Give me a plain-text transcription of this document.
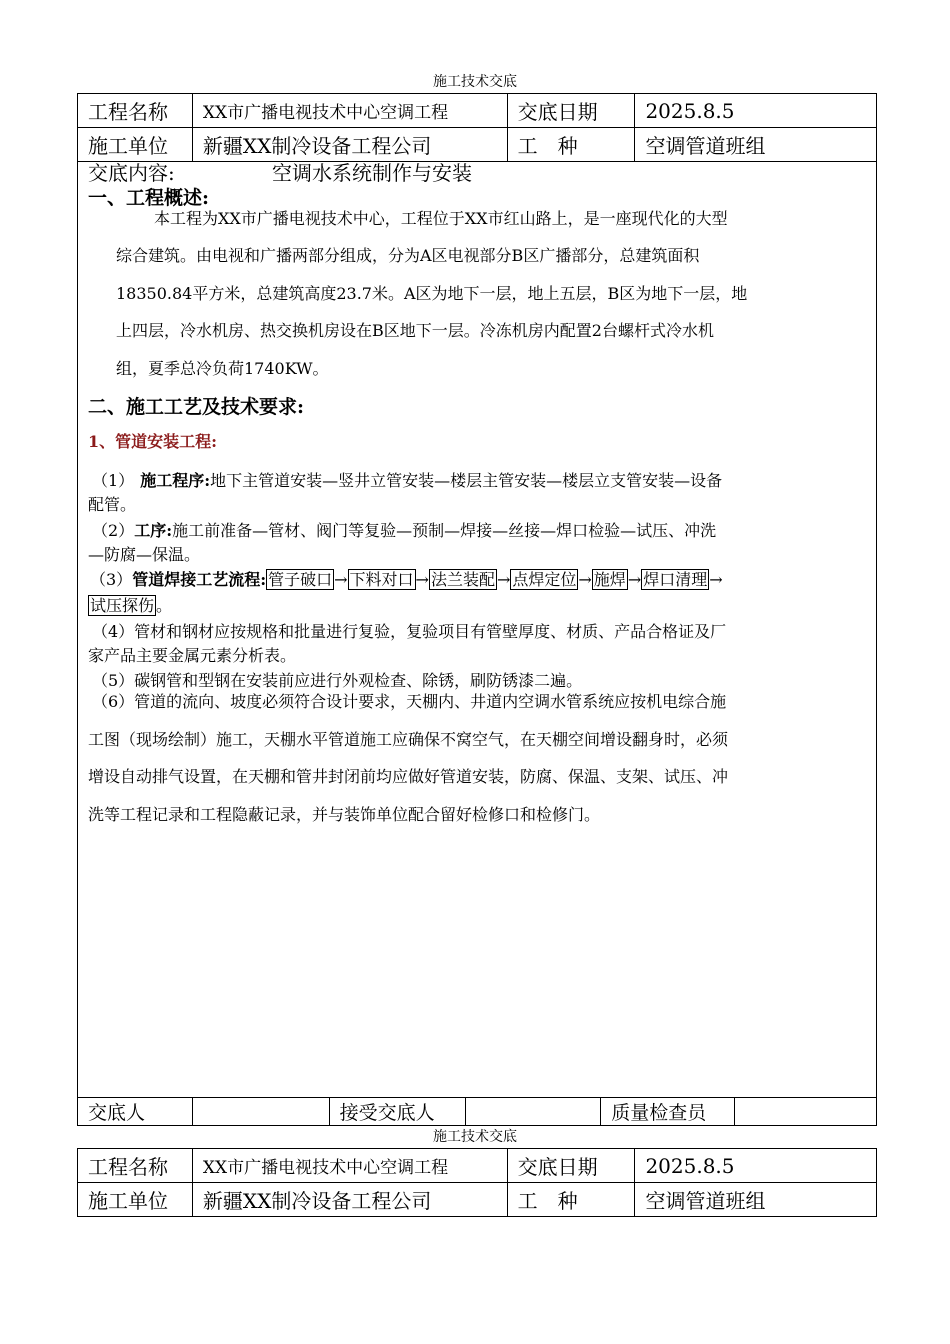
施工技术交底
工程名称	XX市广播电视技术中心空调工程	交底日期	2025.8.5
施工单位	新疆XX制冷设备工程公司	工　种	空调管道班组
交底内容:	空调水系统制作与安装
一、工程概述:
本工程为XX市广播电视技术中心，工程位于XX市红山路上，是一座现代化的大型
综合建筑。由电视和广播两部分组成，分为A区电视部分B区广播部分，总建筑面积
18350.84平方米，总建筑高度23.7米。A区为地下一层，地上五层，B区为地下一层，地
上四层，冷水机房、热交换机房设在B区地下一层。冷冻机房内配置2台螺杆式冷水机
组，夏季总冷负荷1740KW。
二、施工工艺及技术要求:
1、管道安装工程:
（1） 施工程序:地下主管道安装—竖井立管安装—楼层主管安装—楼层立支管安装—设备
配管。
（2）工序:施工前准备—管材、阀门等复验—预制—焊接—丝接—焊口检验—试压、冲洗
—防腐—保温。
（3）管道焊接工艺流程: 管子破口 → 下料对口 → 法兰装配 → 点焊定位 → 施焊 → 焊口清理 →
试压探伤 。
（4）管材和钢材应按规格和批量进行复验，复验项目有管壁厚度、材质、产品合格证及厂
家产品主要金属元素分析表。
（5）碳钢管和型钢在安装前应进行外观检查、除锈，刷防锈漆二遍。
（6）管道的流向、坡度必须符合设计要求，天棚内、井道内空调水管系统应按机电综合施
工图（现场绘制）施工，天棚水平管道施工应确保不窝空气，在天棚空间增设翻身时，必须
增设自动排气设置，在天棚和管井封闭前均应做好管道安装，防腐、保温、支架、试压、冲
洗等工程记录和工程隐蔽记录，并与装饰单位配合留好检修口和检修门。
交底人		接受交底人		质量检查员	
施工技术交底
工程名称	XX市广播电视技术中心空调工程	交底日期	2025.8.5
施工单位	新疆XX制冷设备工程公司	工　种	空调管道班组
